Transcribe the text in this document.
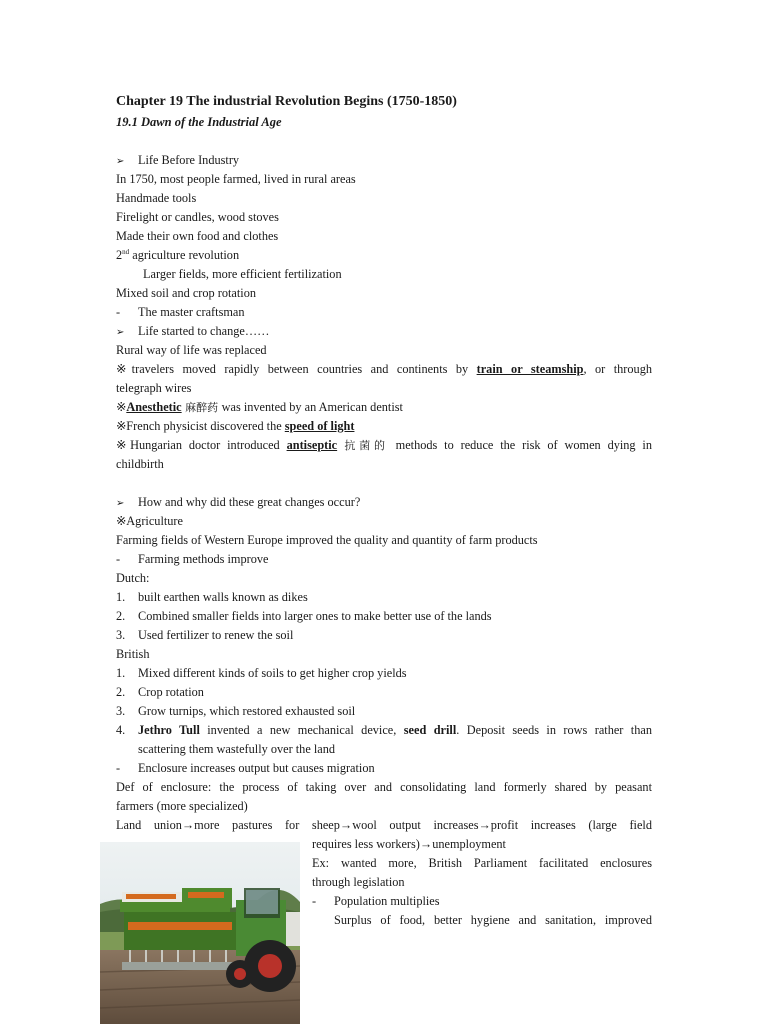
Chapter 19 The industrial Revolution Begins (1750-1850)
19.1 Dawn of the Industrial Age
➢ Life Before Industry
In 1750, most people farmed, lived in rural areas
Handmade tools
Firelight or candles, wood stoves
Made their own food and clothes
2nd agriculture revolution
Larger fields, more efficient fertilization
Mixed soil and crop rotation
- The master craftsman
➢ Life started to change……
Rural way of life was replaced
※travelers moved rapidly between countries and continents by train or steamship, or through
telegraph wires
※Anesthetic 麻醉药 was invented by an American dentist
※French physicist discovered the speed of light
※Hungarian doctor introduced antiseptic 抗菌的 methods to reduce the risk of women dying in
childbirth
➢ How and why did these great changes occur?
※Agriculture
Farming fields of Western Europe improved the quality and quantity of farm products
- Farming methods improve
Dutch:
1. built earthen walls known as dikes
2. Combined smaller fields into larger ones to make better use of the lands
3. Used fertilizer to renew the soil
British
1. Mixed different kinds of soils to get higher crop yields
2. Crop rotation
3. Grow turnips, which restored exhausted soil
4.	Jethro Tull invented a new mechanical device, seed drill. Deposit seeds in rows rather than
scattering them wastefully over the land
- Enclosure increases output but causes migration
Def of enclosure: the process of taking over and consolidating land formerly shared by peasant
farmers (more specialized)
Land union→more pastures for sheep→wool output increases→profit increases (large field
requires less workers)→unemployment
Ex: wanted more, British Parliament facilitated enclosures
through legislation
- Population multiplies
Surplus of food, better hygiene and sanitation, improved
